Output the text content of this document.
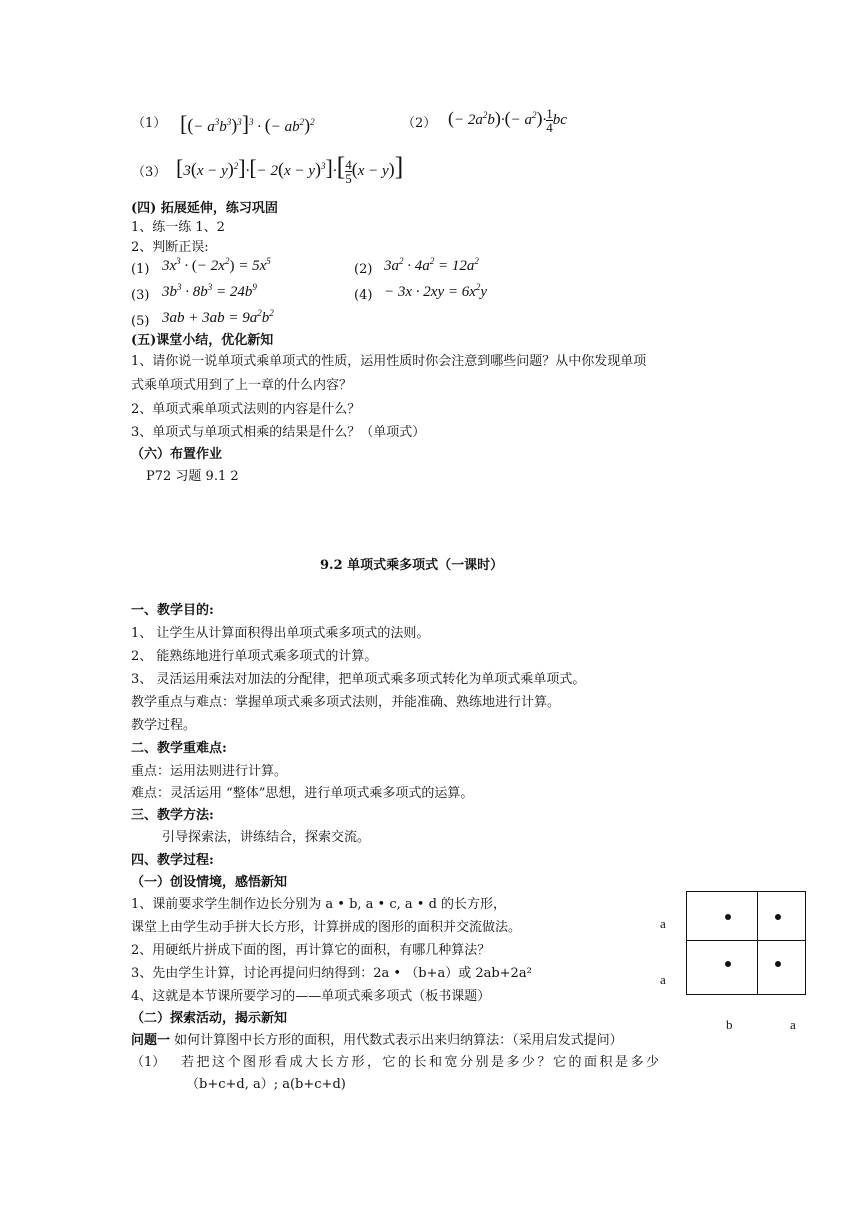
（1） [(− $a^3b^3)^3]^3$ · (− $ab^2)^2$	（2） (− $2a^2b)\cdot(- a^2)\cdot \frac{1}{4}$ bc
（3） $[3(x - y)^2]\cdot[- 2(x - y)^3]\cdot[ \frac{4}{5} (x - y)]$
(四) 拓展延伸，练习巩固
1、练一练 1、2
2、判断正误:
(1) $3x^3$ · (− $2x^2) = 5x^5$
(2) $3a^2 \cdot 4a^2 = 12a^2$
(3) $3b^3 \cdot 8b^3 = 24b^9$
$(4) - 3x \cdot 2xy = 6x^2y$
(5) $3ab + 3ab = 9a^2b^2$
(五)课堂小结，优化新知
1、请你说一说单项式乘单项式的性质，运用性质时你会注意到哪些问题？从中你发现单项
式乘单项式用到了上一章的什么内容？
2、单项式乘单项式法则的内容是什么？
3、单项式与单项式相乘的结果是什么？（单项式）
（六）布置作业
P72 习题 9.1 2
9.2 单项式乘多项式（一课时）
一、教学目的:
1、 让学生从计算面积得出单项式乘多项式的法则。
2、 能熟练地进行单项式乘多项式的计算。
3、 灵活运用乘法对加法的分配律，把单项式乘多项式转化为单项式乘单项式。
教学重点与难点：掌握单项式乘多项式法则，并能准确、熟练地进行计算。
教学过程。
二、教学重难点:
重点：运用法则进行计算。
难点：灵活运用 “整体”思想，进行单项式乘多项式的运算。
三、教学方法:
引导探索法，讲练结合，探索交流。
四、教学过程:
（一）创设情境，感悟新知
1、课前要求学生制作边长分别为 a • b, a • c, a • d 的长方形，
课堂上由学生动手拼大长方形，计算拼成的图形的面积并交流做法。
2、用硬纸片拼成下面的图，再计算它的面积，有哪几种算法？
3、先由学生计算，讨论再提问归纳得到：2a • （b+a）或 2ab+2a²
4、这就是本节课所要学习的——单项式乘多项式（板书课题）
（二）探索活动，揭示新知
问题一 如何计算图中长方形的面积，用代数式表示出来归纳算法：（采用启发式提问）
（1） 若把这个图形看成大长方形，它的长和宽分别是多少？它的面积是多少
（b+c+d, a）; a(b+c+d)
a
a
b	a
